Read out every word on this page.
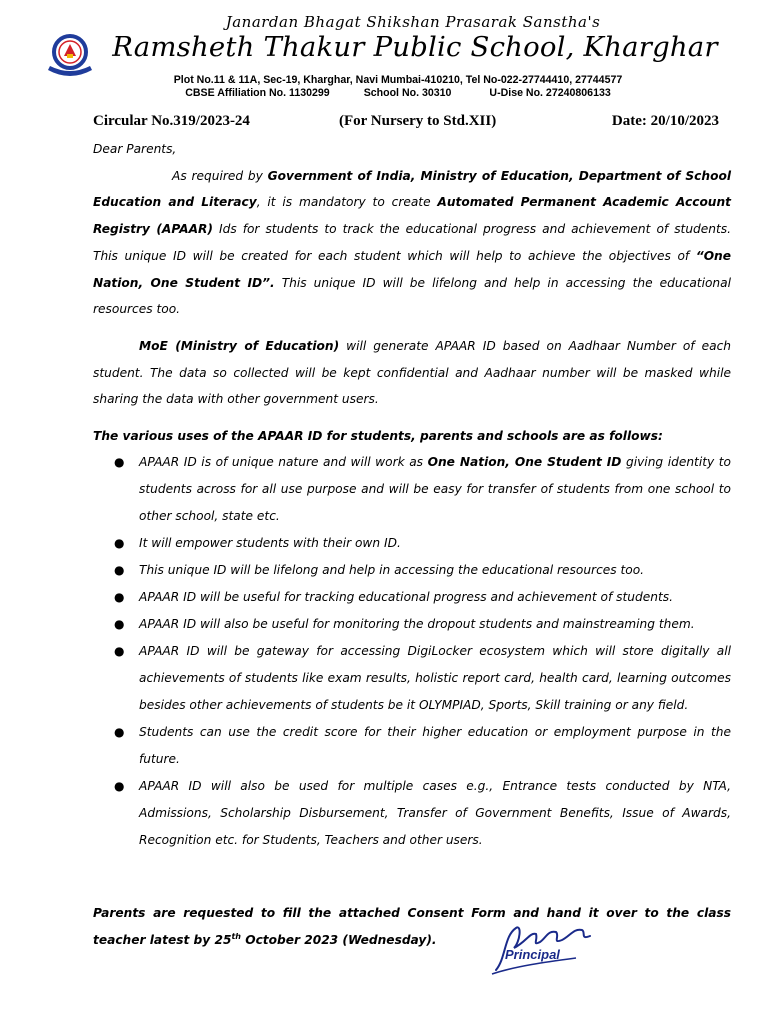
Janardan Bhagat Shikshan Prasarak Sanstha's
Ramsheth Thakur Public School, Kharghar
Plot No.11 & 11A, Sec-19, Kharghar, Navi Mumbai-410210, Tel No-022-27744410, 27744577
CBSE Affiliation No. 1130299	School No. 30310	U-Dise No. 27240806133
Circular No.319/2023-24	(For Nursery to Std.XII)	Date: 20/10/2023

Dear Parents,

As required by Government of India, Ministry of Education, Department of School Education and Literacy, it is mandatory to create Automated Permanent Academic Account Registry (APAAR) Ids for students to track the educational progress and achievement of students. This unique ID will be created for each student which will help to achieve the objectives of “One Nation, One Student ID”. This unique ID will be lifelong and help in accessing the educational resources too.

MoE (Ministry of Education) will generate APAAR ID based on Aadhaar Number of each student. The data so collected will be kept confidential and Aadhaar number will be masked while sharing the data with other government users.

The various uses of the APAAR ID for students, parents and schools are as follows:

● APAAR ID is of unique nature and will work as One Nation, One Student ID giving identity to students across for all use purpose and will be easy for transfer of students from one school to other school, state etc.
● It will empower students with their own ID.
● This unique ID will be lifelong and help in accessing the educational resources too.
● APAAR ID will be useful for tracking educational progress and achievement of students.
● APAAR ID will also be useful for monitoring the dropout students and mainstreaming them.
● APAAR ID will be gateway for accessing DigiLocker ecosystem which will store digitally all achievements of students like exam results, holistic report card, health card, learning outcomes besides other achievements of students be it OLYMPIAD, Sports, Skill training or any field.
● Students can use the credit score for their higher education or employment purpose in the future.
● APAAR ID will also be used for multiple cases e.g., Entrance tests conducted by NTA, Admissions, Scholarship Disbursement, Transfer of Government Benefits, Issue of Awards, Recognition etc. for Students, Teachers and other users.

Parents are requested to fill the attached Consent Form and hand it over to the class teacher latest by 25th October 2023 (Wednesday).

Principal
